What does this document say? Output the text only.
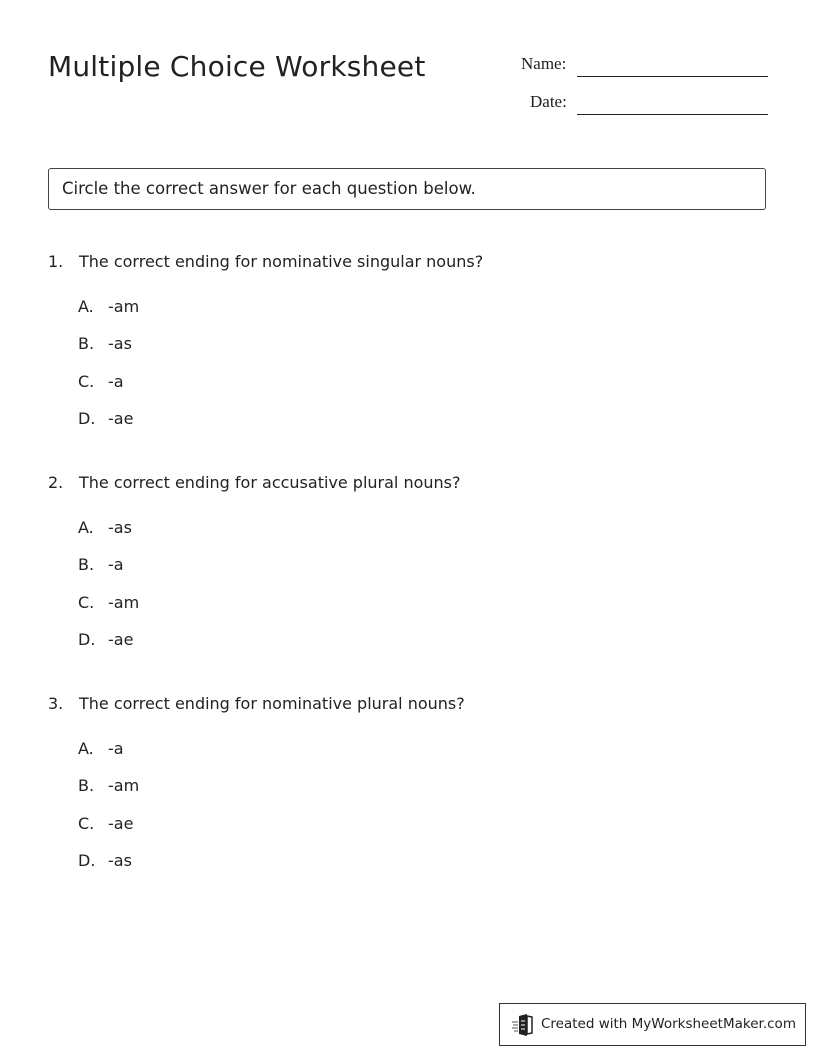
Multiple Choice Worksheet	Name:
Date:
Circle the correct answer for each question below.
1. The correct ending for nominative singular nouns?
A. -am
B. -as
C. -a
D. -ae
2. The correct ending for accusative plural nouns?
A. -as
B. -a
C. -am
D. -ae
3. The correct ending for nominative plural nouns?
A. -a
B. -am
C. -ae
D. -as
Created with MyWorksheetMaker.com
